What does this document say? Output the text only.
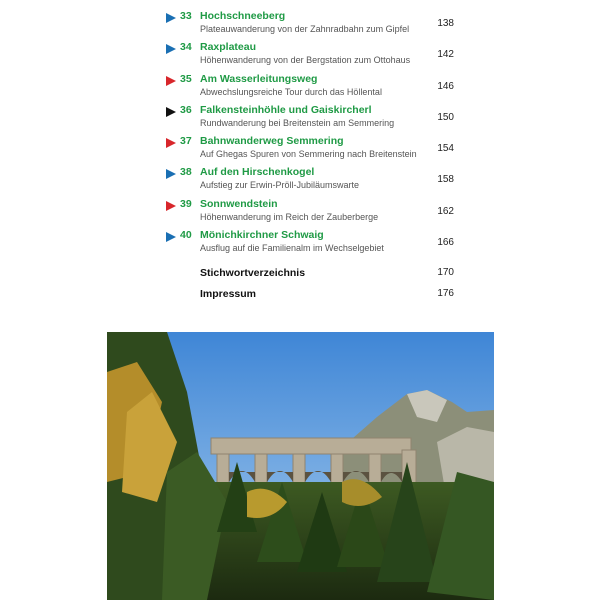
33 Hochschneeberg
Plateauwanderung von der Zahnradbahn zum Gipfel	138
34 Raxplateau
Höhenwanderung von der Bergstation zum Ottohaus	142
35 Am Wasserleitungsweg
Abwechslungsreiche Tour durch das Höllental	146
36 Falkensteinhöhle und Gaiskircherl
Rundwanderung bei Breitenstein am Semmering	150
37 Bahnwanderweg Semmering
Auf Ghegas Spuren von Semmering nach Breitenstein 154
38 Auf den Hirschenkogel
Aufstieg zur Erwin-Pröll-Jubiläumswarte	158
39 Sonnwendstein
Höhenwanderung im Reich der Zauberberge	162
40 Mönichkirchner Schwaig
Ausflug auf die Familienalm im Wechselgebiet	166
Stichwortverzeichnis	170
Impressum	176
